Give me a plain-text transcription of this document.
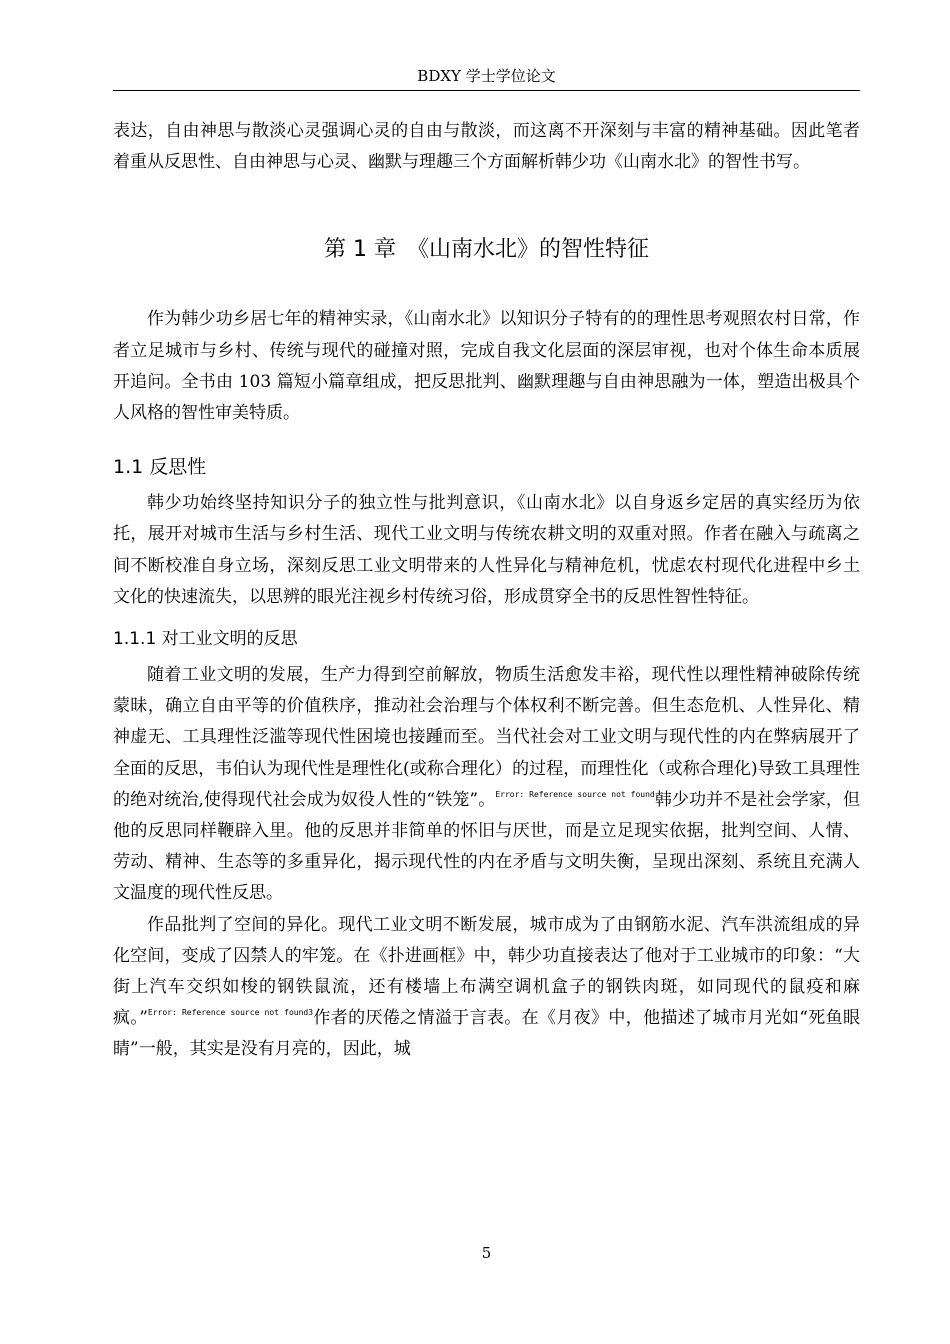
BDXY 学士学位论文

表达，自由神思与散淡心灵强调心灵的自由与散淡，而这离不开深刻与丰富的精神基础。因此笔者着重从反思性、自由神思与心灵、幽默与理趣三个方面解析韩少功《山南水北》的智性书写。

第 1 章　《山南水北》的智性特征

作为韩少功乡居七年的精神实录，《山南水北》以知识分子特有的的理性思考观照农村日常，作者立足城市与乡村、传统与现代的碰撞对照，完成自我文化层面的深层审视，也对个体生命本质展开追问。全书由 103 篇短小篇章组成，把反思批判、幽默理趣与自由神思融为一体，塑造出极具个人风格的智性审美特质。

1.1 反思性

韩少功始终坚持知识分子的独立性与批判意识，《山南水北》以自身返乡定居的真实经历为依托，展开对城市生活与乡村生活、现代工业文明与传统农耕文明的双重对照。作者在融入与疏离之间不断校准自身立场，深刻反思工业文明带来的人性异化与精神危机，忧虑农村现代化进程中乡土文化的快速流失，以思辨的眼光注视乡村传统习俗，形成贯穿全书的反思性智性特征。

1.1.1 对工业文明的反思

随着工业文明的发展，生产力得到空前解放，物质生活愈发丰裕，现代性以理性精神破除传统蒙昧，确立自由平等的价值秩序，推动社会治理与个体权利不断完善。但生态危机、人性异化、精神虚无、工具理性泛滥等现代性困境也接踵而至。当代社会对工业文明与现代性的内在弊病展开了全面的反思，韦伯认为现代性是理性化(或称合理化）的过程，而理性化（或称合理化)导致工具理性的绝对统治,使得现代社会成为奴役人性的“铁笼”。$^{Error: Reference source not found}$韩少功并不是社会学家，但他的反思同样鞭辟入里。他的反思并非简单的怀旧与厌世，而是立足现实依据，批判空间、人情、劳动、精神、生态等的多重异化，揭示现代性的内在矛盾与文明失衡，呈现出深刻、系统且充满人文温度的现代性反思。

作品批判了空间的异化。现代工业文明不断发展，城市成为了由钢筋水泥、汽车洪流组成的异化空间，变成了囚禁人的牢笼。在《扑进画框》中，韩少功直接表达了他对于工业城市的印象：“大街上汽车交织如梭的钢铁鼠流，还有楼墙上布满空调机盒子的钢铁肉斑，如同现代的鼠疫和麻疯。”$^{Error: Reference source not found3}$作者的厌倦之情溢于言表。在《月夜》中，他描述了城市月光如“死鱼眼睛”一般，其实是没有月亮的，因此，城

5
